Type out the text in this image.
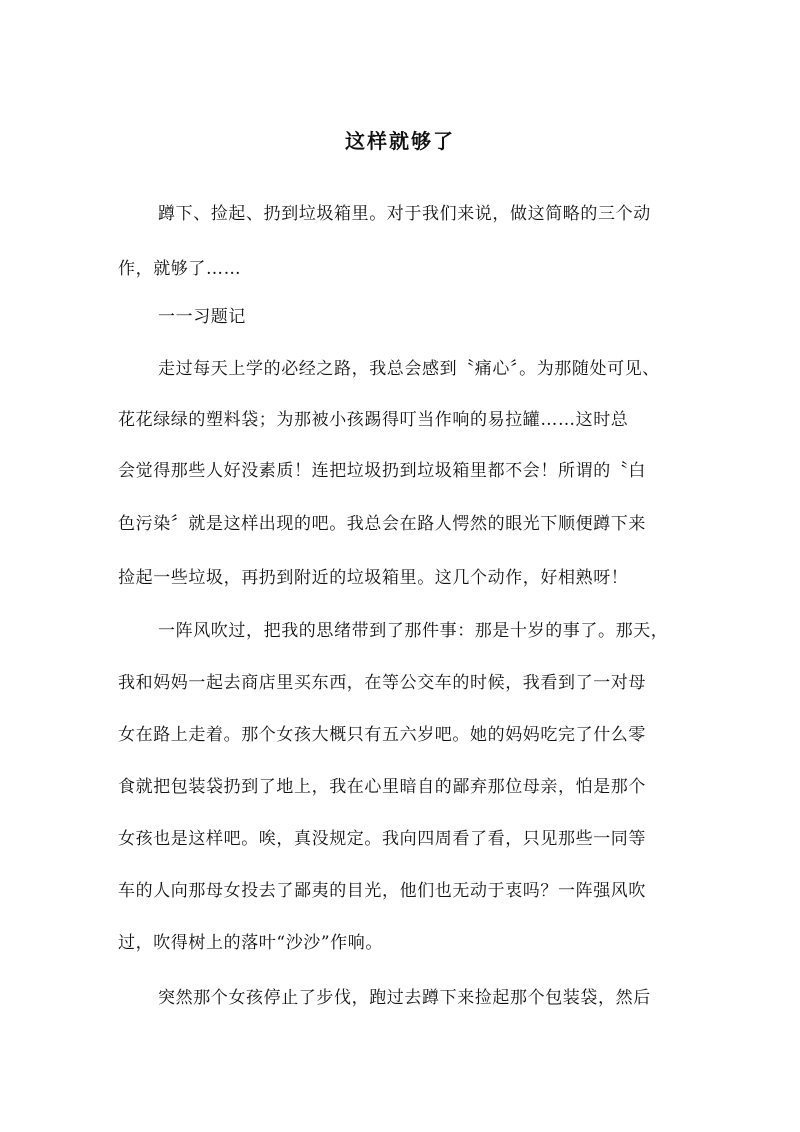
这样就够了
蹲下、捡起、扔到垃圾箱里。对于我们来说，做这简略的三个动
作，就够了……
一一习题记
走过每天上学的必经之路，我总会感到〝痛心〞。为那随处可见、
花花绿绿的塑料袋；为那被小孩踢得叮当作响的易拉罐……这时总
会觉得那些人好没素质！连把垃圾扔到垃圾箱里都不会！所谓的〝白
色污染〞就是这样出现的吧。我总会在路人愕然的眼光下顺便蹲下来
捡起一些垃圾，再扔到附近的垃圾箱里。这几个动作，好相熟呀！
一阵风吹过，把我的思绪带到了那件事：那是十岁的事了。那天，
我和妈妈一起去商店里买东西，在等公交车的时候，我看到了一对母
女在路上走着。那个女孩大概只有五六岁吧。她的妈妈吃完了什么零
食就把包装袋扔到了地上，我在心里暗自的鄙弃那位母亲，怕是那个
女孩也是这样吧。唉，真没规定。我向四周看了看，只见那些一同等
车的人向那母女投去了鄙夷的目光，他们也无动于衷吗？一阵强风吹
过，吹得树上的落叶“沙沙”作响。
突然那个女孩停止了步伐，跑过去蹲下来捡起那个包装袋，然后
